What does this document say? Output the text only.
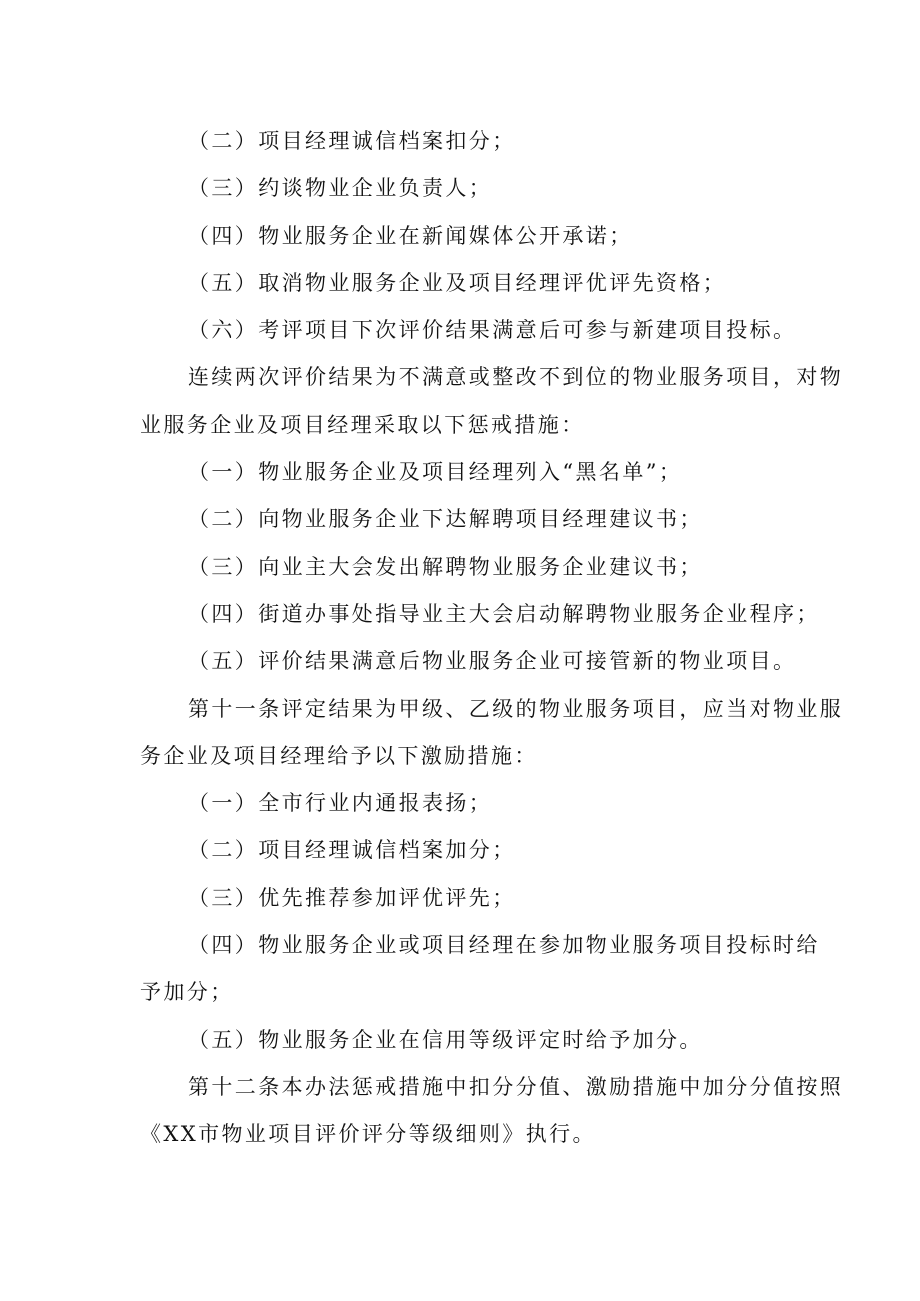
（二）项目经理诚信档案扣分；
（三）约谈物业企业负责人；
（四）物业服务企业在新闻媒体公开承诺；
（五）取消物业服务企业及项目经理评优评先资格；
（六）考评项目下次评价结果满意后可参与新建项目投标。
连续两次评价结果为不满意或整改不到位的物业服务项目，对物
业服务企业及项目经理采取以下惩戒措施：
（一）物业服务企业及项目经理列入“黑名单”；
（二）向物业服务企业下达解聘项目经理建议书；
（三）向业主大会发出解聘物业服务企业建议书；
（四）街道办事处指导业主大会启动解聘物业服务企业程序；
（五）评价结果满意后物业服务企业可接管新的物业项目。
第十一条评定结果为甲级、乙级的物业服务项目，应当对物业服
务企业及项目经理给予以下激励措施：
（一）全市行业内通报表扬；
（二）项目经理诚信档案加分；
（三）优先推荐参加评优评先；
（四）物业服务企业或项目经理在参加物业服务项目投标时给
予加分；
（五）物业服务企业在信用等级评定时给予加分。
第十二条本办法惩戒措施中扣分分值、激励措施中加分分值按照
《XX市物业项目评价评分等级细则》执行。
